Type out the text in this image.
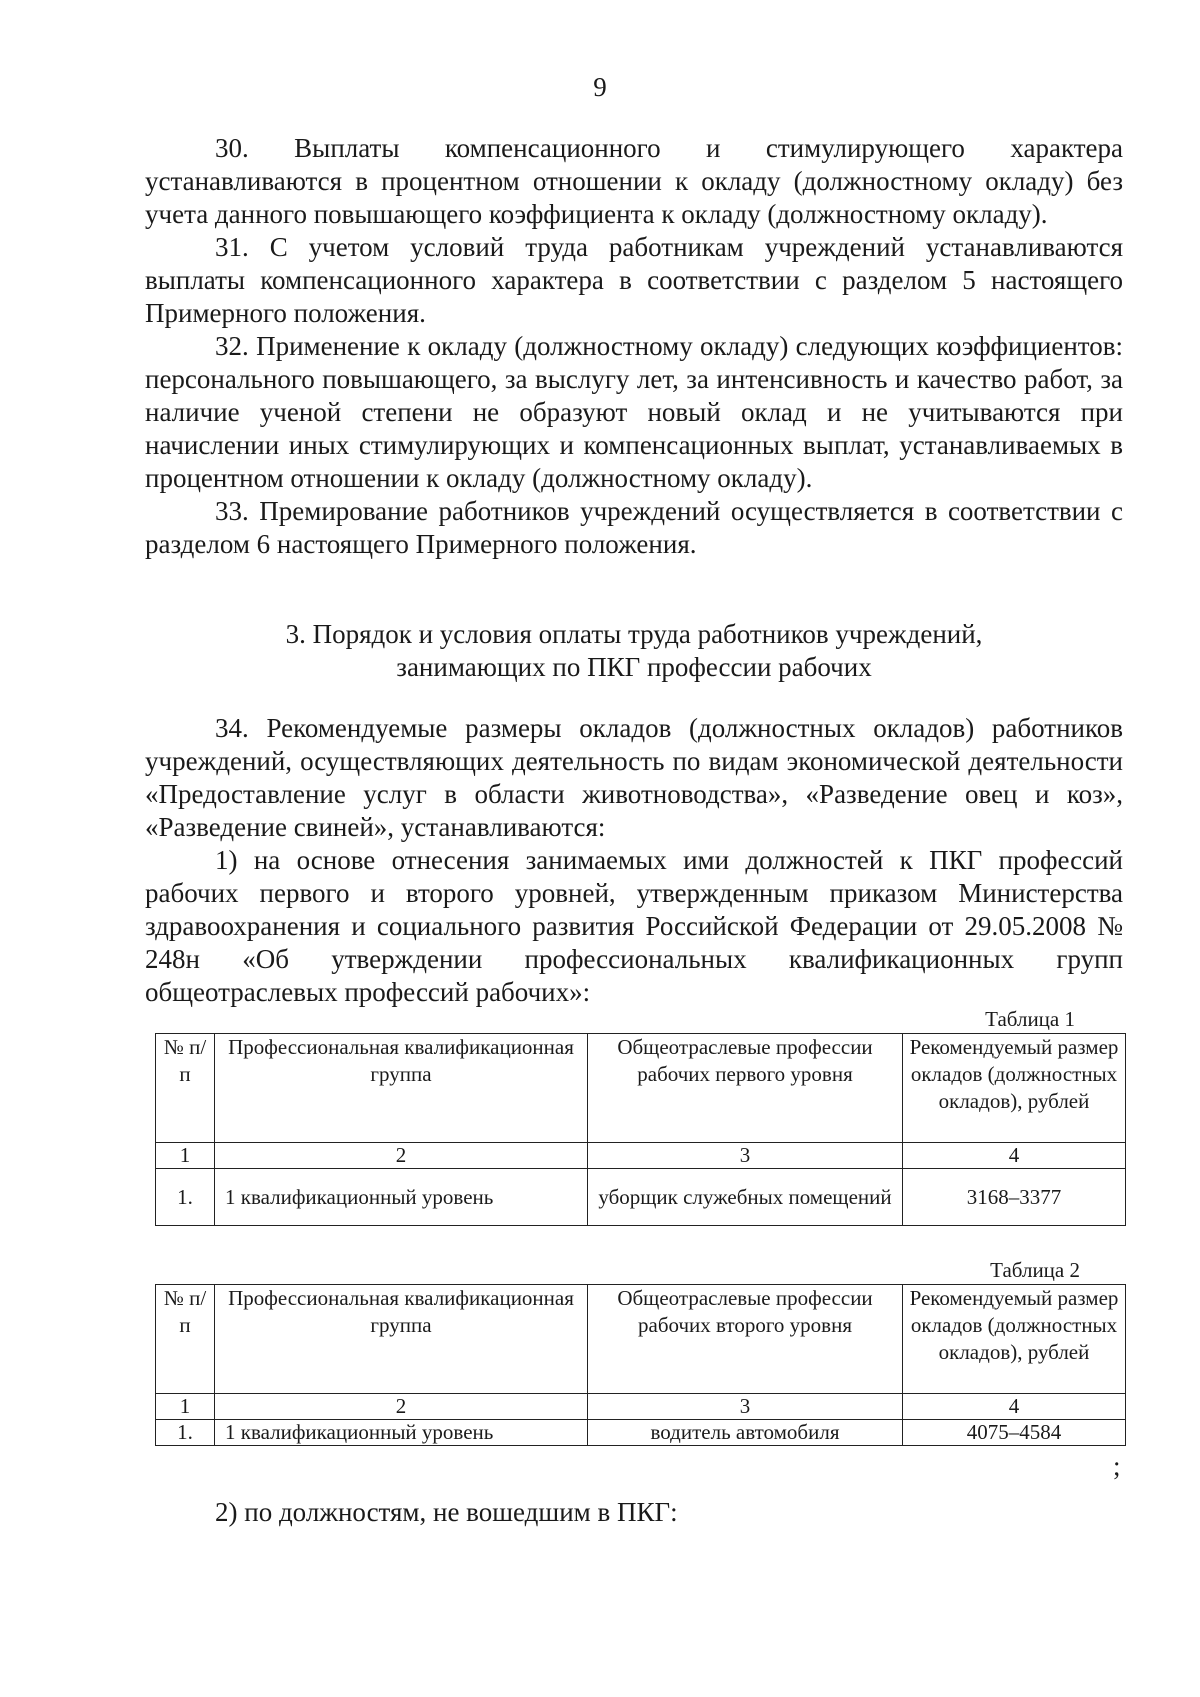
9

30. Выплаты компенсационного и стимулирующего характера устанавливаются в процентном отношении к окладу (должностному окладу) без учета данного повышающего коэффициента к окладу (должностному окладу).

31. С учетом условий труда работникам учреждений устанавливаются выплаты компенсационного характера в соответствии с разделом 5 настоящего Примерного положения.

32. Применение к окладу (должностному окладу) следующих коэффициентов: персонального повышающего, за выслугу лет, за интенсивность и качество работ, за наличие ученой степени не образуют новый оклад и не учитываются при начислении иных стимулирующих и компенсационных выплат, устанавливаемых в процентном отношении к окладу (должностному окладу).

33. Премирование работников учреждений осуществляется в соответствии с разделом 6 настоящего Примерного положения.

3. Порядок и условия оплаты труда работников учреждений,

занимающих по ПКГ профессии рабочих

34. Рекомендуемые размеры окладов (должностных окладов) работников учреждений, осуществляющих деятельность по видам экономической деятельности «Предоставление услуг в области животноводства», «Разведение овец и коз», «Разведение свиней», устанавливаются:

1) на основе отнесения занимаемых ими должностей к ПКГ профессий рабочих первого и второго уровней, утвержденным приказом Министерства здравоохранения и социального развития Российской Федерации от 29.05.2008 № 248н «Об утверждении профессиональных квалификационных групп общеотраслевых профессий рабочих»:

Таблица 1
№ п/п	Профессиональная квалификационная группа	Общеотраслевые профессии рабочих первого уровня	Рекомендуемый размер окладов (должностных окладов), рублей
1	2	3	4
1.	1 квалификационный уровень	уборщик служебных помещений	3168–3377
Таблица 2
№ п/п	Профессиональная квалификационная группа	Общеотраслевые профессии рабочих второго уровня	Рекомендуемый размер окладов (должностных окладов), рублей
1	2	3	4
1.	1 квалификационный уровень	водитель автомобиля	4075–4584
;
2) по должностям, не вошедшим в ПКГ:
